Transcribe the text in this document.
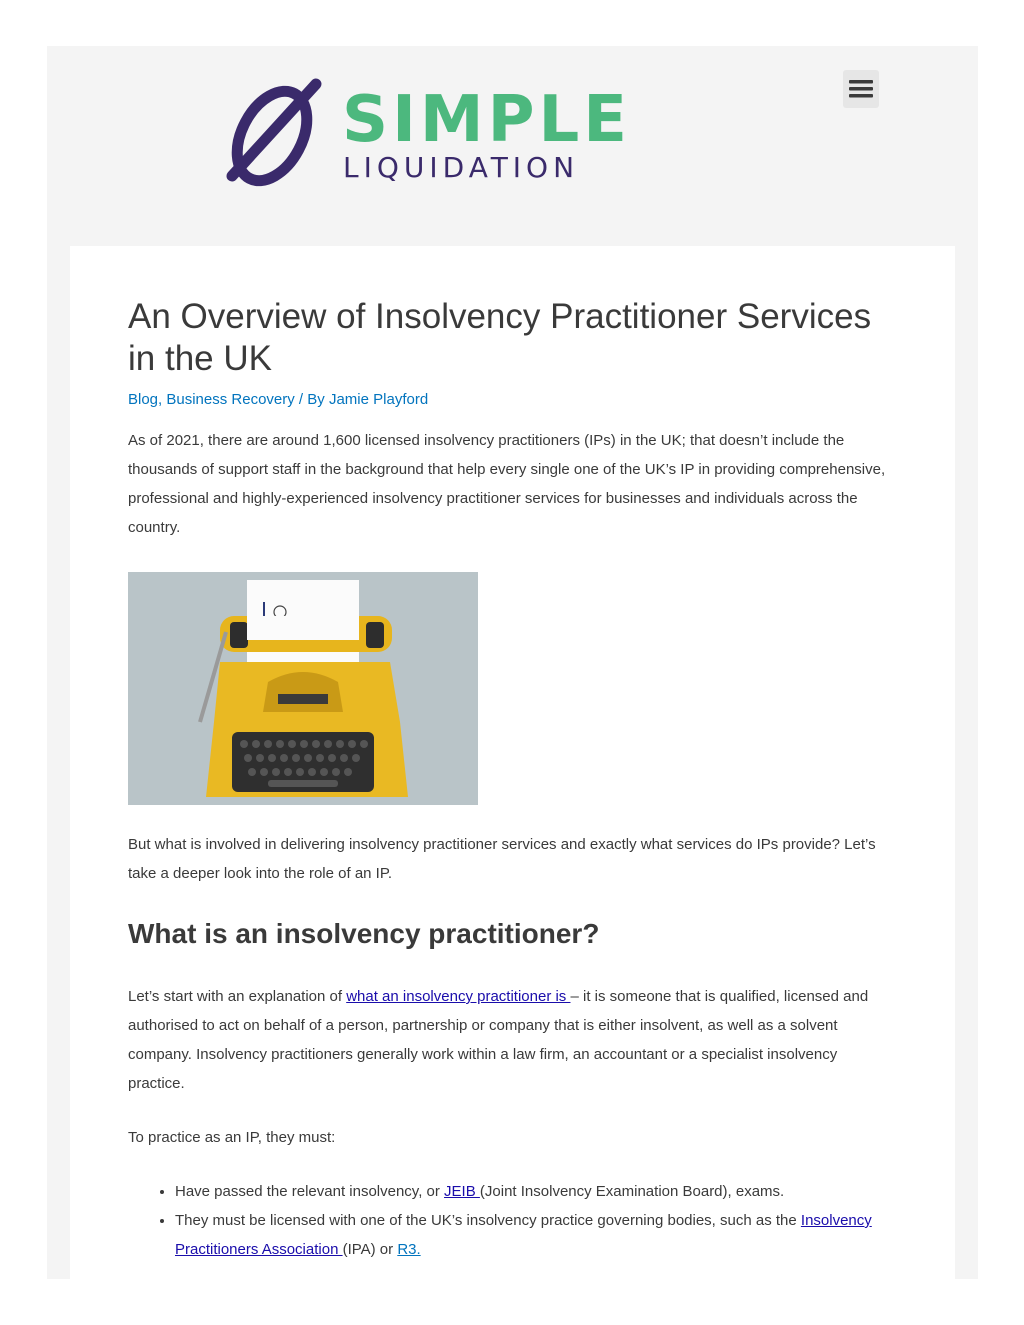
SIMPLE
LIQUIDATION
An Overview of Insolvency Practitioner Services in the UK
Blog, Business Recovery / By Jamie Playford

As of 2021, there are around 1,600 licensed insolvency practitioners (IPs) in the UK; that doesn’t include the thousands of support staff in the background that help every single one of the UK’s IP in providing comprehensive, professional and highly-experienced insolvency practitioner services for businesses and individuals across the country.

But what is involved in delivering insolvency practitioner services and exactly what services do IPs provide? Let’s take a deeper look into the role of an IP.

What is an insolvency practitioner?

Let’s start with an explanation of what an insolvency practitioner is – it is someone that is qualified, licensed and authorised to act on behalf of a person, partnership or company that is either insolvent, as well as a solvent company. Insolvency practitioners generally work within a law firm, an accountant or a specialist insolvency practice.

To practice as an IP, they must:

• Have passed the relevant insolvency, or JEIB (Joint Insolvency Examination Board), exams.
• They must be licensed with one of the UK’s insolvency practice governing bodies, such as the Insolvency Practitioners Association (IPA) or R3.
